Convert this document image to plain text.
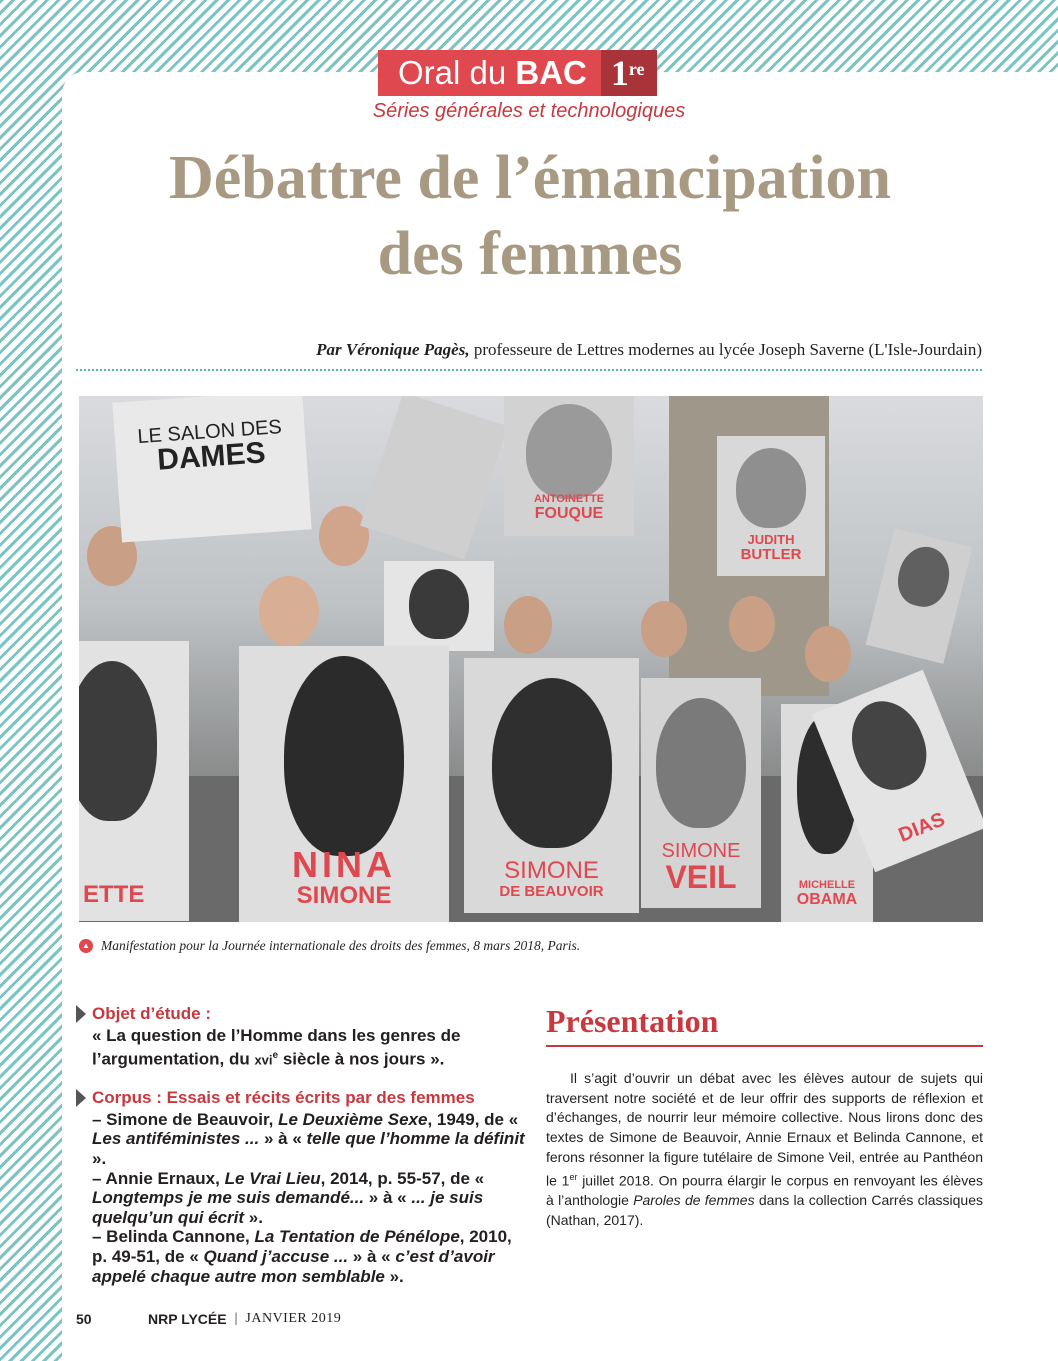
Oral du BAC 1re
Séries générales et technologiques
Débattre de l’émancipation
des femmes
Par Véronique Pagès, professeure de Lettres modernes au lycée Joseph Saverne (L'Isle-Jourdain)
LE SALON DES
DAMES
ANTOINETTE
FOUQUE
JUDITH
BUTLER
ETTE
NINA
SIMONE
SIMONE
DE BEAUVOIR
SIMONE
VEIL	MICHELLE
OBAMA
DIAS
▲ Manifestation pour la Journée internationale des droits des femmes, 8 mars 2018, Paris.
Objet d’étude :
« La question de l’Homme dans les genres de l’argumentation, du xvi$^e$ siècle à nos jours ».
Corpus : Essais et récits écrits par des femmes
– Simone de Beauvoir, Le Deuxième Sexe, 1949, de « Les antiféministes ... » à « telle que l’homme la définit ».
– Annie Ernaux, Le Vrai Lieu, 2014, p. 55-57, de « Longtemps je me suis demandé... » à « ... je suis quelqu’un qui écrit ».
– Belinda Cannone, La Tentation de Pénélope, 2010, p. 49-51, de « Quand j’accuse ... » à « c’est d’avoir appelé chaque autre mon semblable ».
Présentation
Il s’agit d’ouvrir un débat avec les élèves autour de sujets qui traversent notre société et de leur offrir des supports de réflexion et d’échanges, de nourrir leur mémoire collective. Nous lirons donc des textes de Simone de Beauvoir, Annie Ernaux et Belinda Cannone, et ferons résonner la figure tutélaire de Simone Veil, entrée au Panthéon le 1er juillet 2018. On pourra élargir le corpus en renvoyant les élèves à l’anthologie Paroles de femmes dans la collection Carrés classiques (Nathan, 2017).
50	NRP LYCÉE | JANVIER 2019
